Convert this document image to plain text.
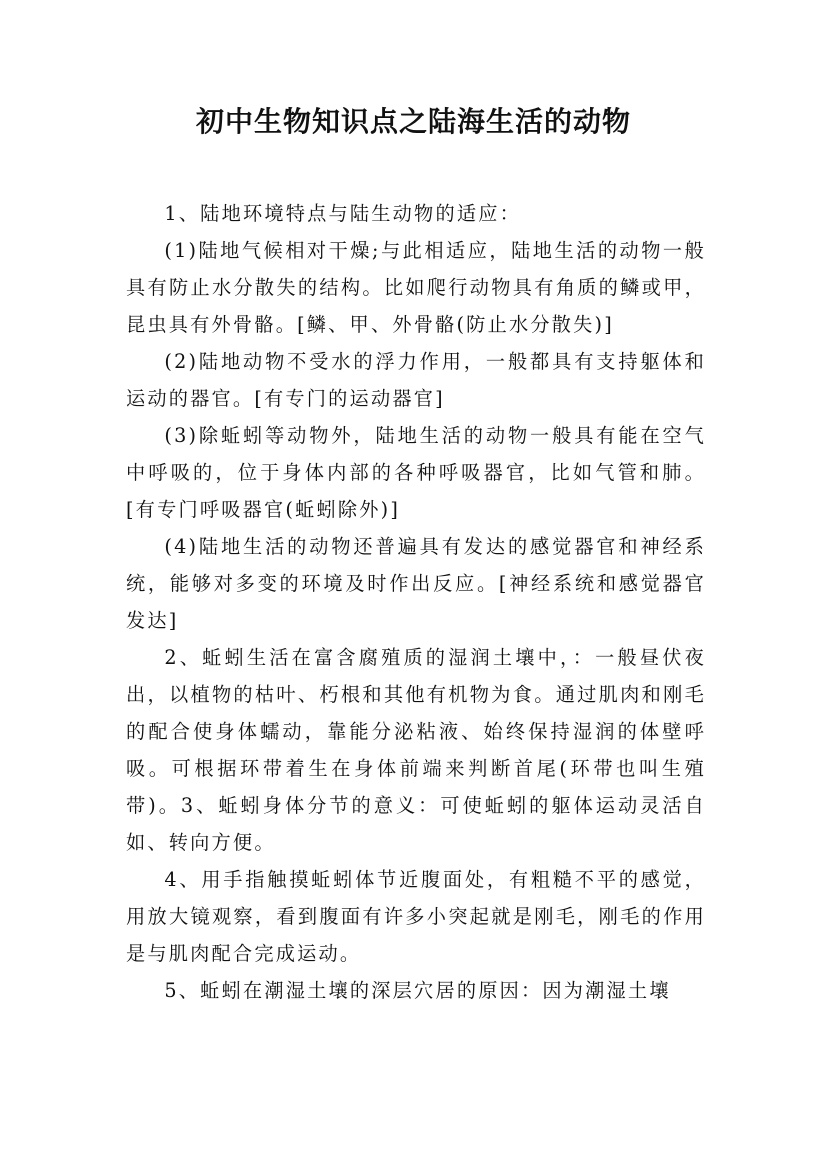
初中生物知识点之陆海生活的动物

1、陆地环境特点与陆生动物的适应：

(1)陆地气候相对干燥;与此相适应，陆地生活的动物一般具有防止水分散失的结构。比如爬行动物具有角质的鳞或甲，昆虫具有外骨骼。[鳞、甲、外骨骼(防止水分散失)]

(2)陆地动物不受水的浮力作用，一般都具有支持躯体和运动的器官。[有专门的运动器官]

(3)除蚯蚓等动物外，陆地生活的动物一般具有能在空气中呼吸的，位于身体内部的各种呼吸器官，比如气管和肺。[有专门呼吸器官(蚯蚓除外)]

(4)陆地生活的动物还普遍具有发达的感觉器官和神经系统，能够对多变的环境及时作出反应。[神经系统和感觉器官发达]

2、蚯蚓生活在富含腐殖质的湿润土壤中，：一般昼伏夜出，以植物的枯叶、朽根和其他有机物为食。通过肌肉和刚毛的配合使身体蠕动，靠能分泌粘液、始终保持湿润的体壁呼吸。可根据环带着生在身体前端来判断首尾(环带也叫生殖带)。3、蚯蚓身体分节的意义：可使蚯蚓的躯体运动灵活自如、转向方便。

4、用手指触摸蚯蚓体节近腹面处，有粗糙不平的感觉，用放大镜观察，看到腹面有许多小突起就是刚毛，刚毛的作用是与肌肉配合完成运动。

5、蚯蚓在潮湿土壤的深层穴居的原因：因为潮湿土壤
